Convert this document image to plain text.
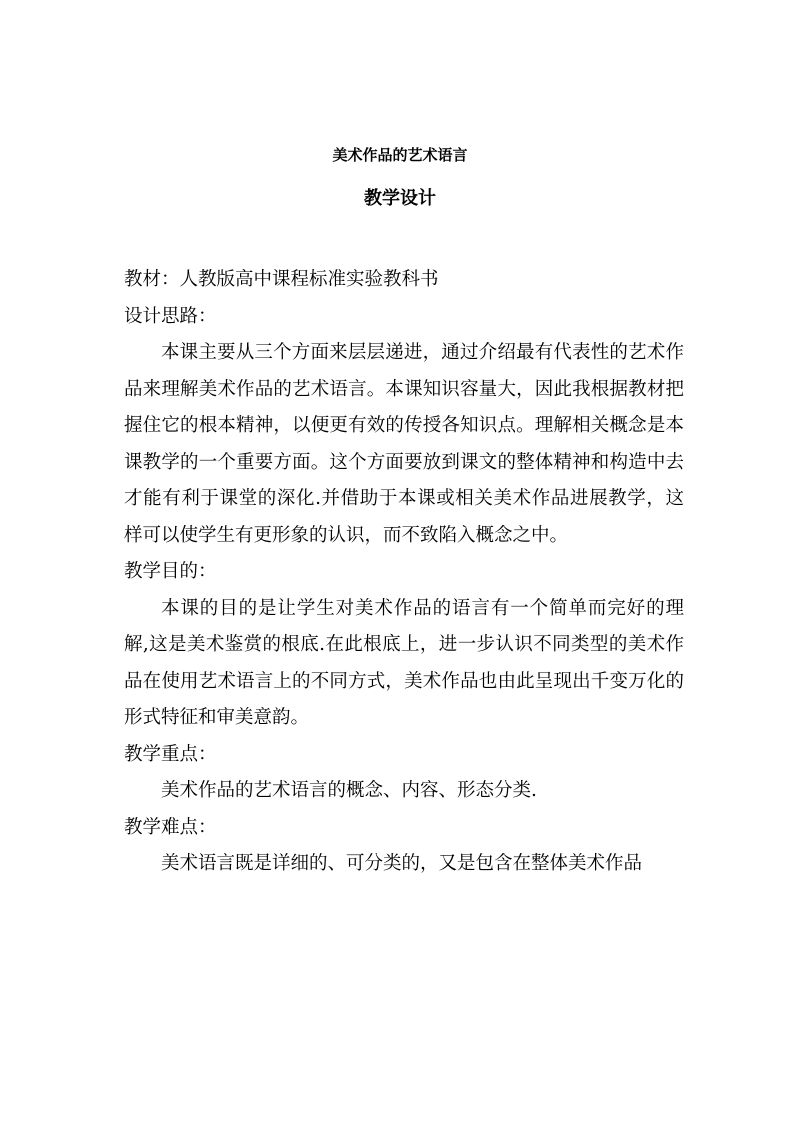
美术作品的艺术语言
教学设计

教材：人教版高中课程标准实验教科书

设计思路：

本课主要从三个方面来层层递进，通过介绍最有代表性的艺术作品来理解美术作品的艺术语言。本课知识容量大，因此我根据教材把握住它的根本精神，以便更有效的传授各知识点。理解相关概念是本课教学的一个重要方面。这个方面要放到课文的整体精神和构造中去才能有利于课堂的深化.并借助于本课或相关美术作品进展教学，这样可以使学生有更形象的认识，而不致陷入概念之中。

教学目的：

本课的目的是让学生对美术作品的语言有一个简单而完好的理解,这是美术鉴赏的根底.在此根底上，进一步认识不同类型的美术作品在使用艺术语言上的不同方式，美术作品也由此呈现出千变万化的形式特征和审美意韵。

教学重点：

美术作品的艺术语言的概念、内容、形态分类.

教学难点：

美术语言既是详细的、可分类的，又是包含在整体美术作品
